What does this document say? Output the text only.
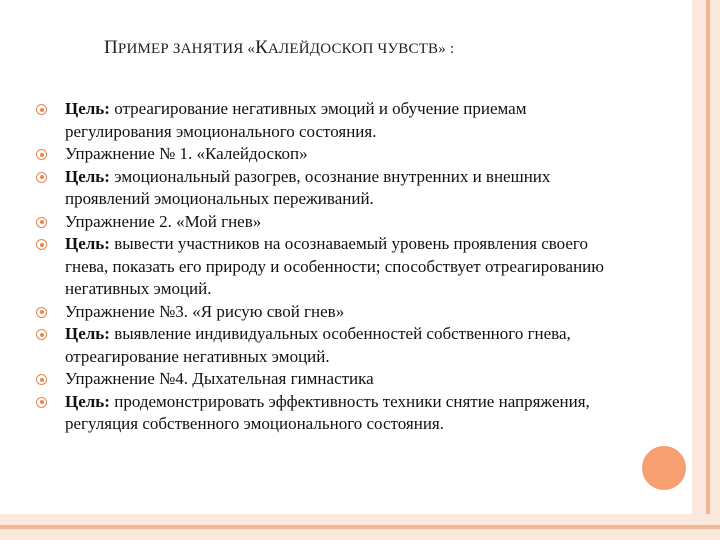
ПРИМЕР ЗАНЯТИЯ «КАЛЕЙДОСКОП ЧУВСТВ» :
Цель: отреагирование негативных эмоций и обучение приемам регулирования эмоционального состояния.
Упражнение № 1. «Калейдоскоп»
Цель: эмоциональный разогрев, осознание внутренних и внешних проявлений эмоциональных переживаний.
Упражнение 2. «Мой гнев»
Цель: вывести участников на осознаваемый уровень проявления своего гнева, показать его природу и особенности; способствует отреагированию негативных эмоций.
Упражнение №3. «Я рисую свой гнев»
Цель: выявление индивидуальных особенностей собственного гнева, отреагирование негативных эмоций.
Упражнение №4. Дыхательная гимнастика
Цель: продемонстрировать эффективность техники снятие напряжения, регуляция собственного эмоционального состояния.
